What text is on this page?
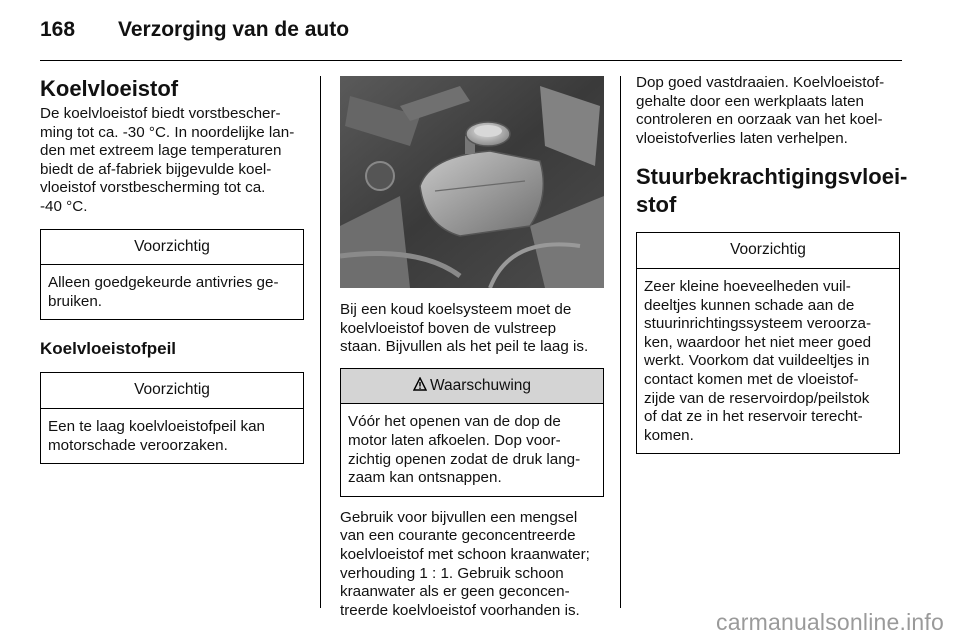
168 Verzorging van de auto
Koelvloeistof

De koelvloeistof biedt vorstbescher-
ming tot ca. -30 °C. In noordelijke lan-
den met extreem lage temperaturen
biedt de af-fabriek bijgevulde koel-
vloeistof vorstbescherming tot ca.
-40 °C.

Voorzichtig
Alleen goedgekeurde antivries ge-
bruiken.
Koelvloeistofpeil
Voorzichtig
Een te laag koelvloeistofpeil kan
motorschade veroorzaken.

Bij een koud koelsysteem moet de
koelvloeistof boven de vulstreep
staan. Bijvullen als het peil te laag is.

Waarschuwing
Vóór het openen van de dop de
motor laten afkoelen. Dop voor-
zichtig openen zodat de druk lang-
zaam kan ontsnappen.

Gebruik voor bijvullen een mengsel
van een courante geconcentreerde
koelvloeistof met schoon kraanwater;
verhouding 1 : 1. Gebruik schoon
kraanwater als er geen geconcen-
treerde koelvloeistof voorhanden is.

Dop goed vastdraaien. Koelvloeistof-
gehalte door een werkplaats laten
controleren en oorzaak van het koel-
vloeistofverlies laten verhelpen.

Stuurbekrachtigingsvloei-
stof
Voorzichtig
Zeer kleine hoeveelheden vuil-
deeltjes kunnen schade aan de
stuurinrichtingssysteem veroorza-
ken, waardoor het niet meer goed
werkt. Voorkom dat vuildeeltjes in
contact komen met de vloeistof-
zijde van de reservoirdop/peilstok
of dat ze in het reservoir terecht-
komen.
carmanualsonline.info
